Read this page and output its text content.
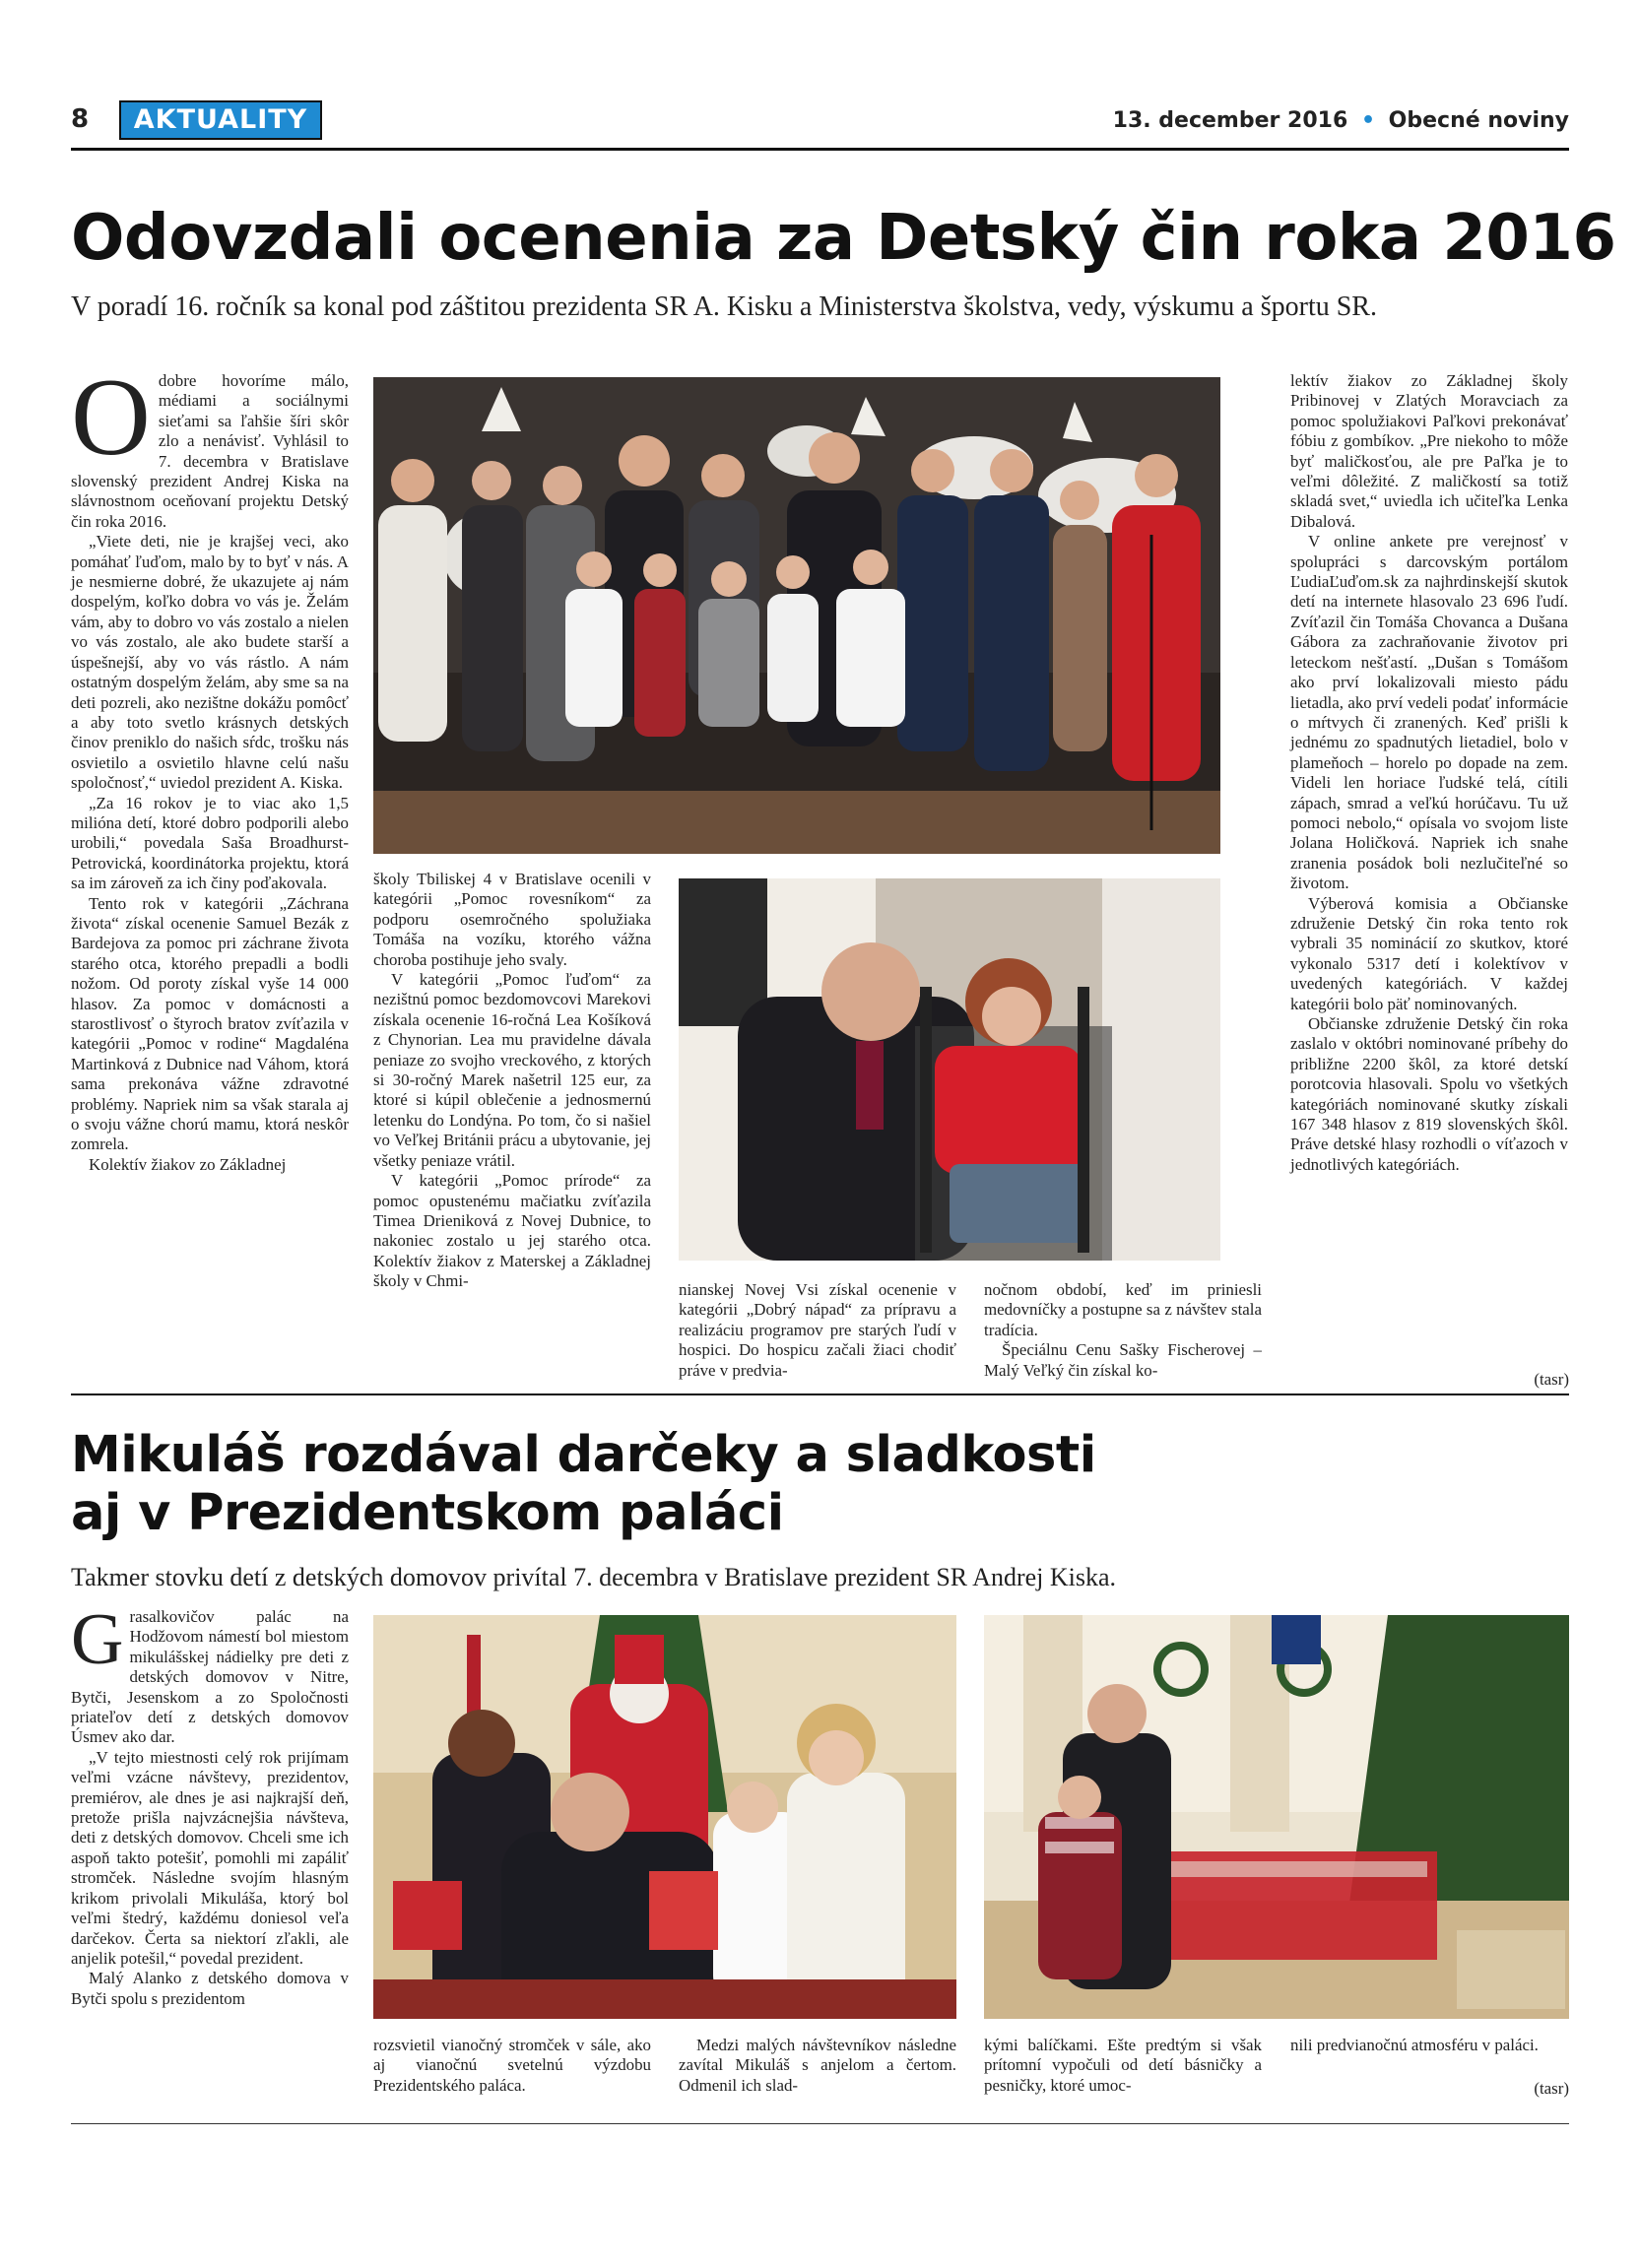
8	AKTUALITY	13. december 2016 • Obecné noviny
Odovzdali ocenenia za Detský čin roka 2016
V poradí 16. ročník sa konal pod záštitou prezidenta SR A. Kisku a Ministerstva školstva, vedy, výskumu a športu SR.

Odobre hovoríme málo, médiami a sociálnymi sieťami sa ľahšie šíri skôr zlo a nenávisť. Vyhlásil to 7. decembra v Bratislave slovenský prezident Andrej Kiska na slávnostnom oceňovaní projektu Detský čin roka 2016.

„Viete deti, nie je krajšej veci, ako pomáhať ľuďom, malo by to byť v nás. A je nesmierne dobré, že ukazujete aj nám dospelým, koľko dobra vo vás je. Želám vám, aby to dobro vo vás zostalo a nielen vo vás zostalo, ale ako budete starší a úspešnejší, aby vo vás rástlo. A nám ostatným dospelým želám, aby sme sa na deti pozreli, ako nezištne dokážu pomôcť a aby toto svetlo krásnych detských činov preniklo do našich sŕdc, trošku nás osvietilo a osvietilo hlavne celú našu spoločnosť,“ uviedol prezident A. Kiska.

„Za 16 rokov je to viac ako 1,5 milióna detí, ktoré dobro podporili alebo urobili,“ povedala Saša Broadhurst-Petrovická, koordinátorka projektu, ktorá sa im zároveň za ich činy poďakovala.

Tento rok v kategórii „Záchrana života“ získal ocenenie Samuel Bezák z Bardejova za pomoc pri záchrane života starého otca, ktorého prepadli a bodli nožom. Od poroty získal vyše 14 000 hlasov. Za pomoc v domácnosti a starostlivosť o štyroch bratov zvíťazila v kategórii „Pomoc v rodine“ Magdaléna Martinková z Dubnice nad Váhom, ktorá sama prekonáva vážne zdravotné problémy. Napriek nim sa však starala aj o svoju vážne chorú mamu, ktorá neskôr zomrela.

Kolektív žiakov zo Základnej

školy Tbiliskej 4 v Bratislave ocenili v kategórii „Pomoc rovesníkom“ za podporu osemročného spolužiaka Tomáša na vozíku, ktorého vážna choroba postihuje jeho svaly.

V kategórii „Pomoc ľuďom“ za nezištnú pomoc bezdomovcovi Marekovi získala ocenenie 16-ročná Lea Košíková z Chynorian. Lea mu pravidelne dávala peniaze zo svojho vreckového, z ktorých si 30-ročný Marek našetril 125 eur, za ktoré si kúpil oblečenie a jednosmernú letenku do Londýna. Po tom, čo si našiel vo Veľkej Británii prácu a ubytovanie, jej všetky peniaze vrátil.

V kategórii „Pomoc prírode“ za pomoc opustenému mačiatku zvíťazila Timea Drieniková z Novej Dubnice, to nakoniec zostalo u jej starého otca. Kolektív žiakov z Materskej a Základnej školy v Chmi-	nianskej Novej Vsi získal ocenenie v kategórii „Dobrý nápad“ za prípravu a realizáciu programov pre starých ľudí v hospici. Do hospicu začali žiaci chodiť práve v predvia-

nočnom období, keď im priniesli medovníčky a postupne sa z návštev stala tradícia.

Špeciálnu Cenu Sašky Fischerovej – Malý Veľký čin získal ko-

lektív žiakov zo Základnej školy Pribinovej v Zlatých Moravciach za pomoc spolužiakovi Paľkovi prekonávať fóbiu z gombíkov. „Pre niekoho to môže byť maličkosťou, ale pre Paľka je to veľmi dôležité. Z maličkostí sa totiž skladá svet,“ uviedla ich učiteľka Lenka Dibalová.

V online ankete pre verejnosť v spolupráci s darcovským portálom ĽudiaĽuďom.sk za najhrdinskejší skutok detí na internete hlasovalo 23 696 ľudí. Zvíťazil čin Tomáša Chovanca a Dušana Gábora za zachraňovanie životov pri leteckom nešťastí. „Dušan s Tomášom ako prví lokalizovali miesto pádu lietadla, ako prví vedeli podať informácie o mŕtvych či zranených. Keď prišli k jednému zo spadnutých lietadiel, bolo v plameňoch – horelo po dopade na zem. Videli len horiace ľudské telá, cítili zápach, smrad a veľkú horúčavu. Tu už pomoci nebolo,“ opísala vo svojom liste Jolana Holičková. Napriek ich snahe zranenia posádok boli nezlučiteľné so životom.

Výberová komisia a Občianske združenie Detský čin roka tento rok vybrali 35 nominácií zo skutkov, ktoré vykonalo 5317 detí i kolektívov v uvedených kategóriách. V každej kategórii bolo päť nominovaných.

Občianske združenie Detský čin roka zaslalo v októbri nominované príbehy do približne 2200 škôl, za ktoré detskí porotcovia hlasovali. Spolu vo všetkých kategóriách nominované skutky získali 167 348 hlasov z 819 slovenských škôl. Práve detské hlasy rozhodli o víťazoch v jednotlivých kategóriách.

(tasr)
Mikuláš rozdával darčeky a sladkosti
aj v Prezidentskom paláci
Takmer stovku detí z detských domovov privítal 7. decembra v Bratislave prezident SR Andrej Kiska.

Grasalkovičov palác na Hodžovom námestí bol miestom mikulášskej nádielky pre deti z detských domovov v Nitre, Bytči, Jesenskom a zo Spoločnosti priateľov detí z detských domovov Úsmev ako dar.

„V tejto miestnosti celý rok prijímam veľmi vzácne návštevy, prezidentov, premiérov, ale dnes je asi najkrajší deň, pretože prišla najvzácnejšia návšteva, deti z detských domovov. Chceli sme ich aspoň takto potešiť, pomohli mi zapáliť stromček. Následne svojím hlasným krikom privolali Mikuláša, ktorý bol veľmi štedrý, každému doniesol veľa darčekov. Čerta sa niektorí zľakli, ale anjelik potešil,“ povedal prezident.

Malý Alanko z detského domova v Bytči spolu s prezidentom

rozsvietil vianočný stromček v sále, ako aj vianočnú svetelnú výzdobu Prezidentského paláca.

Medzi malých návštevníkov následne zavítal Mikuláš s anjelom a čertom. Odmenil ich slad-

kými balíčkami. Ešte predtým si však prítomní vypočuli od detí básničky a pesničky, ktoré umoc-

nili predvianočnú atmosféru v paláci.

(tasr)
